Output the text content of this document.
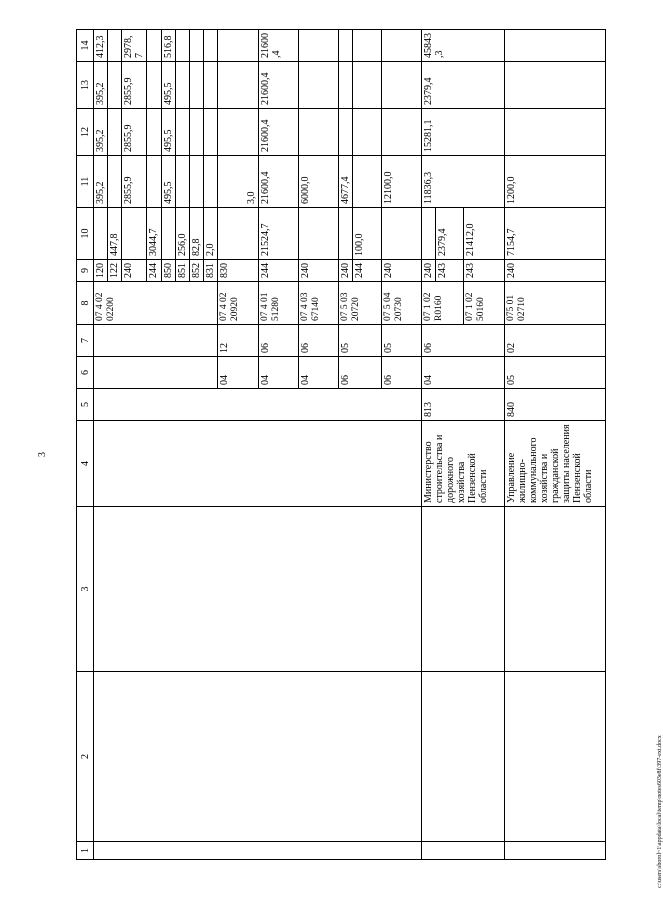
3
1	2	3	4	5	6	7	8	9	10	11	12	13	14
							07 4 02 02200	120		395,2	395,2	395,2	412,3
								122	447,8				
								240		2855,9	2855,9	2855,9	2978,7
								244	3044,7				
								850		495,5	495,5	495,5	516,8
								851	256,0				
								852	82,8				
								831	2,0				
					04	12	07 4 02 20920	830		3,0			
					04	06	07 4 01 51280	244	21524,7	21600,4	21600,4	21600,4	21600,4
					04	06	07 4 03 67140	240		6000,0			
					06	05	07 5 03 20720	240		4677,4			
								244	100,0				
					06	05	07 5 04 20730	240		12100,0			
			Министерство строительства и дорожного хозяйства Пензенской области	813	04	06	07 1 02 R0160	240		11836,3	15281,1	2379,4	45843,3
								243	2379,4				
							07 1 02 50160	243	21412,0				
			Управление жилищно-коммунального хозяйства и гражданской защиты населения Пензенской области	840	05	02	075 01 02710	240	7154,7	1200,0			
c:\users\sborol~1\appdata\local\temp\notes603e8f\397-ext.docx
